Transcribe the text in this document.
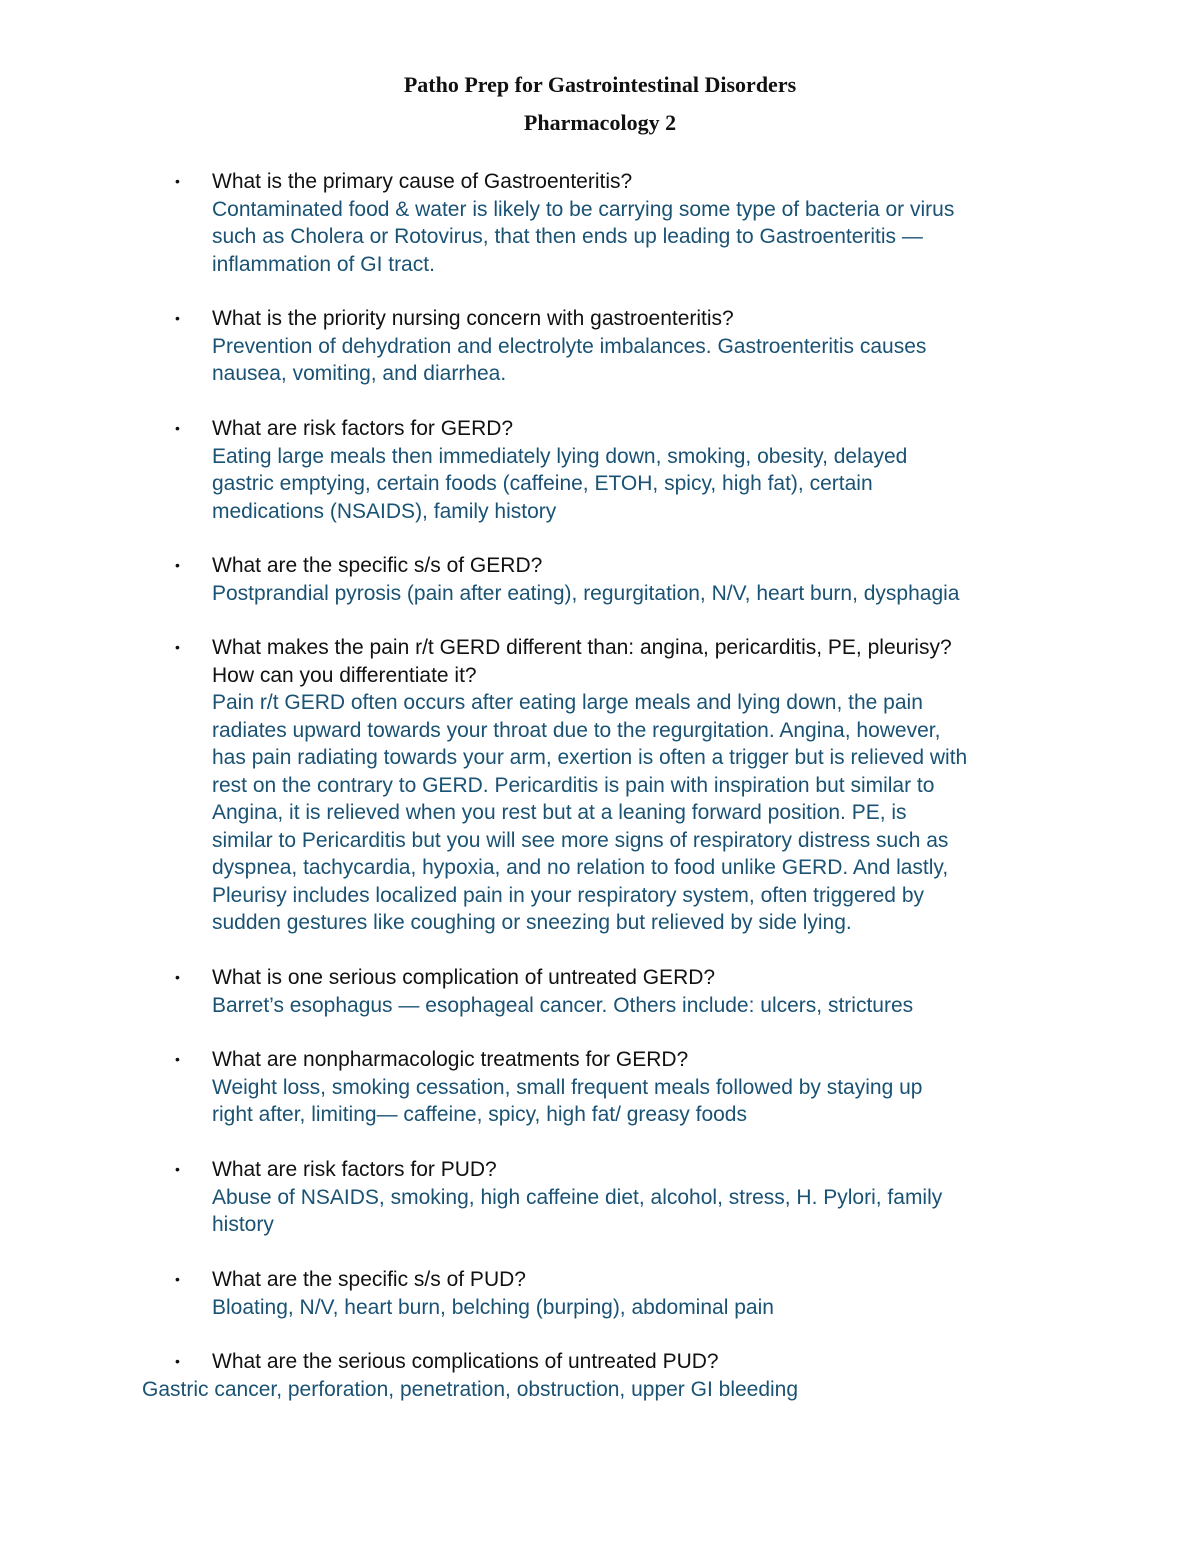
Patho Prep for Gastrointestinal Disorders
Pharmacology 2
• What is the primary cause of Gastroenteritis?
Contaminated food & water is likely to be carrying some type of bacteria or virus
such as Cholera or Rotovirus, that then ends up leading to Gastroenteritis —
inflammation of GI tract.
• What is the priority nursing concern with gastroenteritis?
Prevention of dehydration and electrolyte imbalances. Gastroenteritis causes
nausea, vomiting, and diarrhea.
• What are risk factors for GERD?
Eating large meals then immediately lying down, smoking, obesity, delayed
gastric emptying, certain foods (caffeine, ETOH, spicy, high fat), certain
medications (NSAIDS), family history
• What are the specific s/s of GERD?
Postprandial pyrosis (pain after eating), regurgitation, N/V, heart burn, dysphagia
• What makes the pain r/t GERD different than: angina, pericarditis, PE, pleurisy?
How can you differentiate it?
Pain r/t GERD often occurs after eating large meals and lying down, the pain
radiates upward towards your throat due to the regurgitation. Angina, however,
has pain radiating towards your arm, exertion is often a trigger but is relieved with
rest on the contrary to GERD. Pericarditis is pain with inspiration but similar to
Angina, it is relieved when you rest but at a leaning forward position. PE, is
similar to Pericarditis but you will see more signs of respiratory distress such as
dyspnea, tachycardia, hypoxia, and no relation to food unlike GERD. And lastly,
Pleurisy includes localized pain in your respiratory system, often triggered by
sudden gestures like coughing or sneezing but relieved by side lying.
• What is one serious complication of untreated GERD?
Barret’s esophagus — esophageal cancer. Others include: ulcers, strictures
• What are nonpharmacologic treatments for GERD?
Weight loss, smoking cessation, small frequent meals followed by staying up
right after, limiting— caffeine, spicy, high fat/ greasy foods
• What are risk factors for PUD?
Abuse of NSAIDS, smoking, high caffeine diet, alcohol, stress, H. Pylori, family
history
• What are the specific s/s of PUD?
Bloating, N/V, heart burn, belching (burping), abdominal pain
• What are the serious complications of untreated PUD?
Gastric cancer, perforation, penetration, obstruction, upper GI bleeding
